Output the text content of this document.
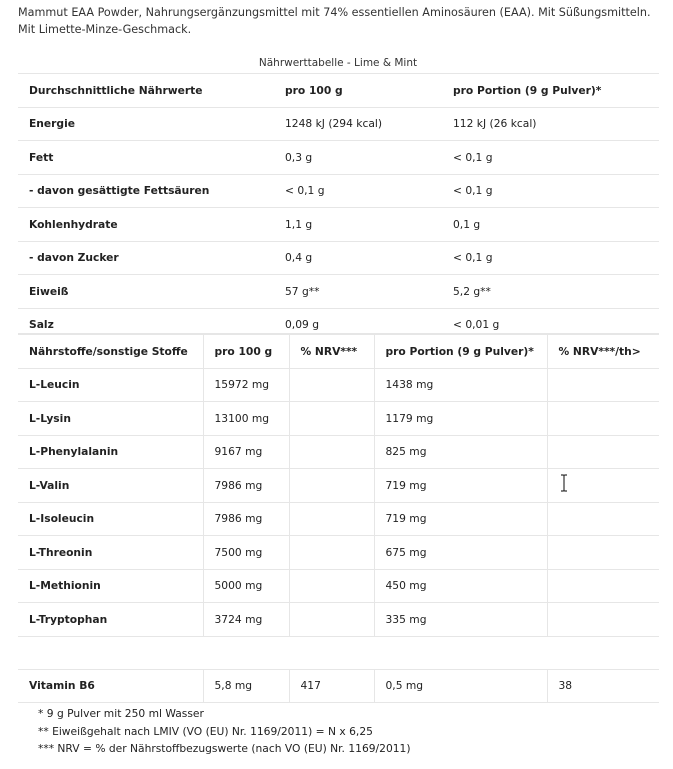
Mammut EAA Powder, Nahrungsergänzungsmittel mit 74% essentiellen Aminosäuren (EAA). Mit Süßungsmitteln. Mit Limette-Minze-Geschmack.
Nährwerttabelle - Lime & Mint
Durchschnittliche Nährwerte	pro 100 g	pro Portion (9 g Pulver)*
Energie	1248 kJ (294 kcal)	112 kJ (26 kcal)
Fett	0,3 g	< 0,1 g
- davon gesättigte Fettsäuren	< 0,1 g	< 0,1 g
Kohlenhydrate	1,1 g	0,1 g
- davon Zucker	0,4 g	< 0,1 g
Eiweiß	57 g**	5,2 g**
Salz	0,09 g	< 0,01 g
Nährstoffe/sonstige Stoffe	pro 100 g	% NRV***	pro Portion (9 g Pulver)*	% NRV***/th>
L-Leucin	15972 mg		1438 mg	
L-Lysin	13100 mg		1179 mg	
L-Phenylalanin	9167 mg		825 mg	
L-Valin	7986 mg		719 mg	
L-Isoleucin	7986 mg		719 mg	
L-Threonin	7500 mg		675 mg	
L-Methionin	5000 mg		450 mg	
L-Tryptophan	3724 mg		335 mg	

Vitamin B6	5,8 mg	417	0,5 mg	38
* 9 g Pulver mit 250 ml Wasser
** Eiweißgehalt nach LMIV (VO (EU) Nr. 1169/2011) = N x 6,25
*** NRV = % der Nährstoffbezugswerte (nach VO (EU) Nr. 1169/2011)
